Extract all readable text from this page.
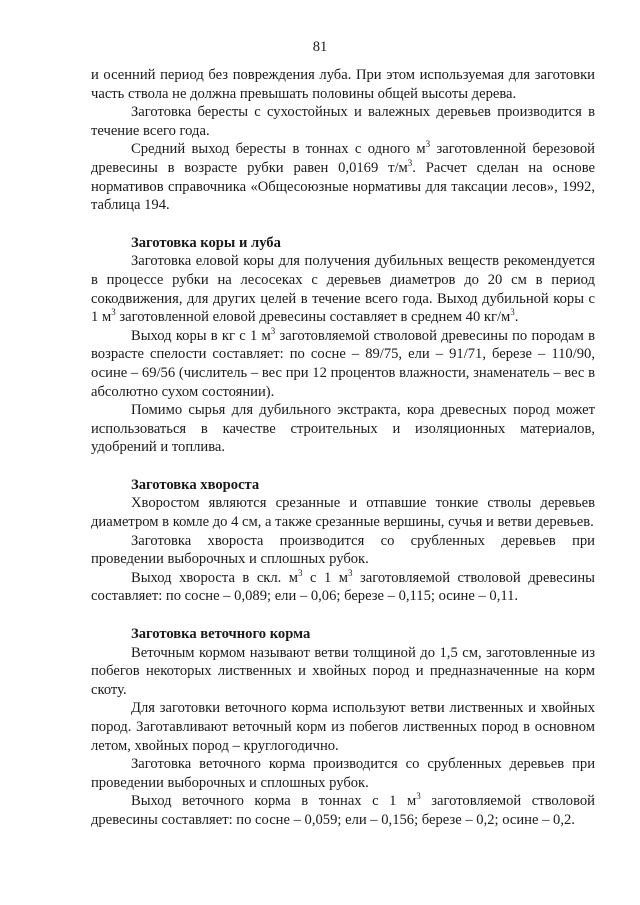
81

и осенний период без повреждения луба. При этом используемая для заготовки часть ствола не должна превышать половины общей высоты дерева.

Заготовка бересты с сухостойных и валежных деревьев производится в течение всего года.

Средний выход бересты в тоннах с одного $м^3$ заготовленной березовой древесины в возрасте рубки равен 0,0169 $т/м^3$. Расчет сделан на основе нормативов справочника «Общесоюзные нормативы для таксации лесов», 1992, таблица 194.

Заготовка коры и луба

Заготовка еловой коры для получения дубильных веществ рекомендуется в процессе рубки на лесосеках с деревьев диаметров до 20 см в период сокодвижения, для других целей в течение всего года. Выход дубильной коры с 1 $м^3$ заготовленной еловой древесины составляет в среднем 40 $кг/м^3$.

Выход коры в кг с 1 $м^3$ заготовляемой стволовой древесины по породам в возрасте спелости составляет: по сосне – 89/75, ели – 91/71, березе – 110/90, осине – 69/56 (числитель – вес при 12 процентов влажности, знаменатель – вес в абсолютно сухом состоянии).

Помимо сырья для дубильного экстракта, кора древесных пород может использоваться в качестве строительных и изоляционных материалов, удобрений и топлива.

Заготовка хвороста

Хворостом являются срезанные и отпавшие тонкие стволы деревьев диаметром в комле до 4 см, а также срезанные вершины, сучья и ветви деревьев.

Заготовка хвороста производится со срубленных деревьев при проведении выборочных и сплошных рубок.

Выход хвороста в скл. $м^3$ с 1 $м^3$ заготовляемой стволовой древесины составляет: по сосне – 0,089; ели – 0,06; березе – 0,115; осине – 0,11.

Заготовка веточного корма

Веточным кормом называют ветви толщиной до 1,5 см, заготовленные из побегов некоторых лиственных и хвойных пород и предназначенные на корм скоту.

Для заготовки веточного корма используют ветви лиственных и хвойных пород. Заготавливают веточный корм из побегов лиственных пород в основном летом, хвойных пород – круглогодично.

Заготовка веточного корма производится со срубленных деревьев при проведении выборочных и сплошных рубок.

Выход веточного корма в тоннах с 1 $м^3$ заготовляемой стволовой древесины составляет: по сосне – 0,059; ели – 0,156; березе – 0,2; осине – 0,2.
